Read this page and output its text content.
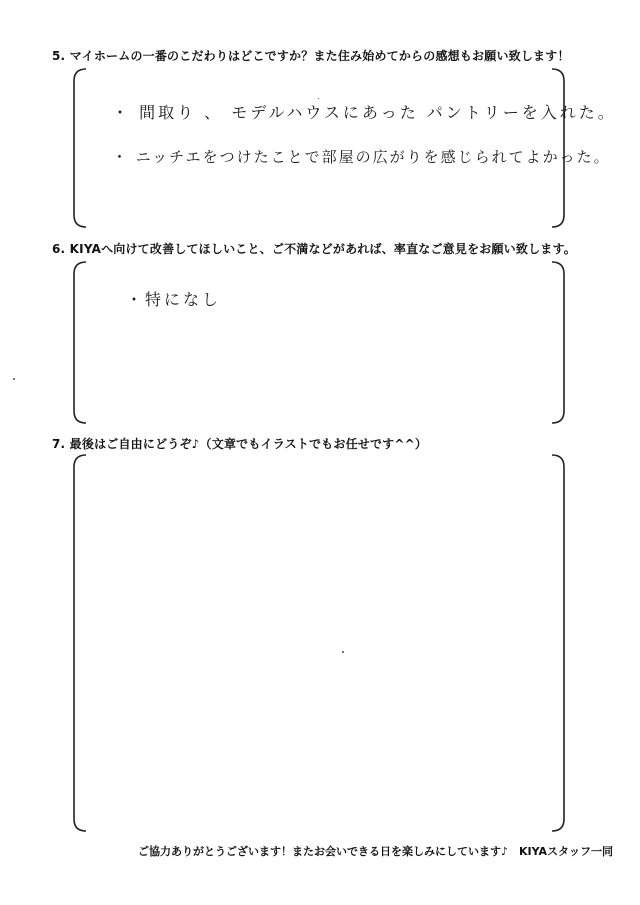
5. マイホームの一番のこだわりはどこですか？また住み始めてからの感想もお願い致します！
・ 間取り 、 モデルハウスにあった パントリーを入れた。
・ ニッチエをつけたことで部屋の広がりを感じられてよかった。
6. KIYAへ向けて改善してほしいこと、ご不満などがあれば、率直なご意見をお願い致します。
・特になし
7. 最後はご自由にどうぞ♪（文章でもイラストでもお任せです^^）
ご協力ありがとうございます！またお会いできる日を楽しみにしています♪　KIYAスタッフ一同
